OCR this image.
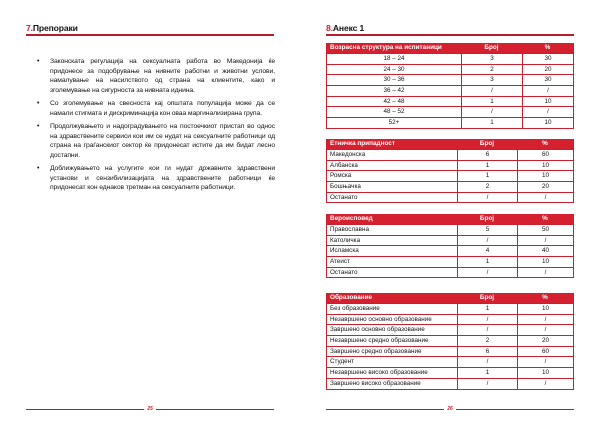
7.Препораки
• Законската регулација на сексуалната работа во Македонија ќе придонесе за подобрување на нивните работни и животни услови, намалување на насилството од страна на клиентите, како и зголемување на сигурноста за нивната иднина.
• Со зголемување на свесноста кај општата популација може да се намали стигмата и дискриминација кон оваа маргинализирана група.
• Продолжувањето и надоградувањето на постоечкиот пристап во однос на здравствените сервиси кои им се нудат на сексуалните работници од страна на граѓанскиот сектор ќе придонесат истите да им бидат лесно достапни.
• Доближувањето на услугите кои ги нудат државните здравствени установи и сензибилизацијата на здравствените работници ќе придонесат кон еднаков третман на сексуалните работници.
25
8.Анекс 1
Возрасна структура на испитаници	Број	%
18 – 24	3	30
24 – 30	2	20
30 – 36	3	30
36 – 42	/	/
42 – 48	1	10
48 – 52	/	/
52+	1	10
Етничка припадност	Број	%
Македонска	6	60
Албанска	1	10
Ромска	1	10
Бошњачка	2	20
Останато	/	/
Вероисповед	Број	%
Православна	5	50
Католичка	/	/
Исламска	4	40
Атеист	1	10
Останато	/	/
Образование	Број	%
Без образование	1	10
Незавршено основно образование	/	/
Завршено основно образование	/	/
Незавршено средно образование	2	20
Завршено средно образование	6	60
Студент	/	/
Незавршено високо образование	1	10
Завршено високо образование	/	/
26
